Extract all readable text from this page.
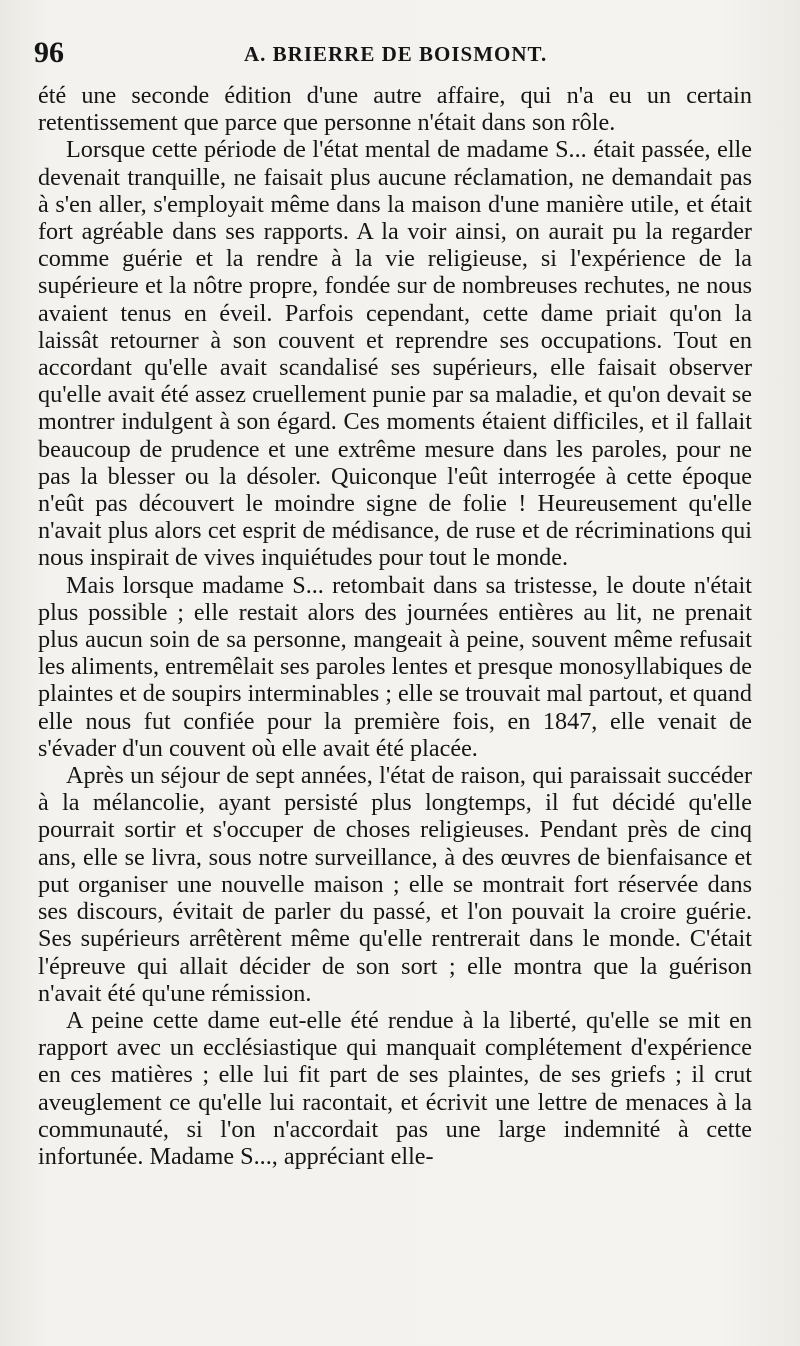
96	A. BRIERRE DE BOISMONT.

été une seconde édition d'une autre affaire, qui n'a eu un certain retentissement que parce que personne n'était dans son rôle.

Lorsque cette période de l'état mental de madame S... était passée, elle devenait tranquille, ne faisait plus aucune réclamation, ne demandait pas à s'en aller, s'employait même dans la maison d'une manière utile, et était fort agréable dans ses rapports. A la voir ainsi, on aurait pu la regarder comme guérie et la rendre à la vie religieuse, si l'expérience de la supérieure et la nôtre propre, fondée sur de nombreuses rechutes, ne nous avaient tenus en éveil. Parfois cependant, cette dame priait qu'on la laissât retourner à son couvent et reprendre ses occupations. Tout en accordant qu'elle avait scandalisé ses supérieurs, elle faisait observer qu'elle avait été assez cruellement punie par sa maladie, et qu'on devait se montrer indulgent à son égard. Ces moments étaient difficiles, et il fallait beaucoup de prudence et une extrême mesure dans les paroles, pour ne pas la blesser ou la désoler. Quiconque l'eût interrogée à cette époque n'eût pas découvert le moindre signe de folie ! Heureusement qu'elle n'avait plus alors cet esprit de médisance, de ruse et de récriminations qui nous inspirait de vives inquiétudes pour tout le monde.

Mais lorsque madame S... retombait dans sa tristesse, le doute n'était plus possible ; elle restait alors des journées entières au lit, ne prenait plus aucun soin de sa personne, mangeait à peine, souvent même refusait les aliments, entremêlait ses paroles lentes et presque monosyllabiques de plaintes et de soupirs interminables ; elle se trouvait mal partout, et quand elle nous fut confiée pour la première fois, en 1847, elle venait de s'évader d'un couvent où elle avait été placée.

Après un séjour de sept années, l'état de raison, qui paraissait succéder à la mélancolie, ayant persisté plus longtemps, il fut décidé qu'elle pourrait sortir et s'occuper de choses religieuses. Pendant près de cinq ans, elle se livra, sous notre surveillance, à des œuvres de bienfaisance et put organiser une nouvelle maison ; elle se montrait fort réservée dans ses discours, évitait de parler du passé, et l'on pouvait la croire guérie. Ses supérieurs arrêtèrent même qu'elle rentrerait dans le monde. C'était l'épreuve qui allait décider de son sort ; elle montra que la guérison n'avait été qu'une rémission.

A peine cette dame eut-elle été rendue à la liberté, qu'elle se mit en rapport avec un ecclésiastique qui manquait complétement d'expérience en ces matières ; elle lui fit part de ses plaintes, de ses griefs ; il crut aveuglement ce qu'elle lui racontait, et écrivit une lettre de menaces à la communauté, si l'on n'accordait pas une large indemnité à cette infortunée. Madame S..., appréciant elle-
